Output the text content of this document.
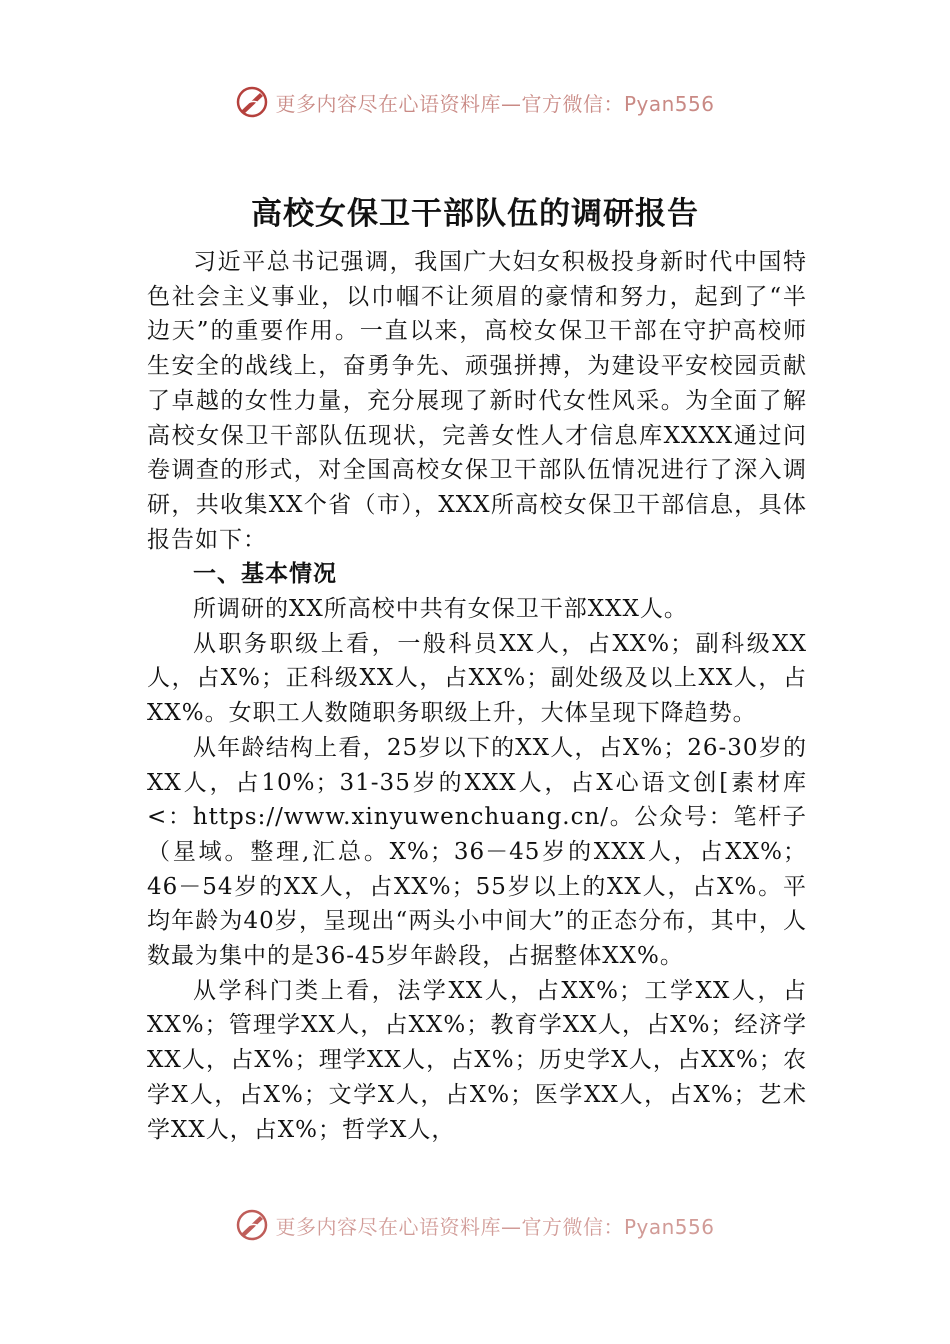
更多内容尽在心语资料库—官方微信：Pyan556
高校女保卫干部队伍的调研报告

习近平总书记强调，我国广大妇女积极投身新时代中国特色社会主义事业，以巾帼不让须眉的豪情和努力，起到了“半边天”的重要作用。一直以来，高校女保卫干部在守护高校师生安全的战线上，奋勇争先、顽强拼搏，为建设平安校园贡献了卓越的女性力量，充分展现了新时代女性风采。为全面了解高校女保卫干部队伍现状，完善女性人才信息库XXXX通过问卷调查的形式，对全国高校女保卫干部队伍情况进行了深入调研，共收集XX个省（市），XXX所高校女保卫干部信息，具体报告如下：

一、基本情况

所调研的XX所高校中共有女保卫干部XXX人。

从职务职级上看，一般科员XX人，占XX%；副科级XX人，占X%；正科级XX人，占XX%；副处级及以上XX人，占XX%。女职工人数随职务职级上升，大体呈现下降趋势。

从年龄结构上看，25岁以下的XX人，占X%；26-30岁的XX人，占10%；31-35岁的XXX人，占X心语文创[素材库<：https://www.xinyuwenchuang.cn/。公众号：笔杆子（星域。整理,汇总。X%；36－45岁的XXX人，占XX%；46－54岁的XX人，占XX%；55岁以上的XX人，占X%。平均年龄为40岁，呈现出“两头小中间大”的正态分布，其中，人数最为集中的是36-45岁年龄段，占据整体XX%。

从学科门类上看，法学XX人，占XX%；工学XX人，占XX%；管理学XX人，占XX%；教育学XX人，占X%；经济学XX人，占X%；理学XX人，占X%；历史学X人，占XX%；农学X人，占X%；文学X人，占X%；医学XX人，占X%；艺术学XX人，占X%；哲学X人，

更多内容尽在心语资料库—官方微信：Pyan556
